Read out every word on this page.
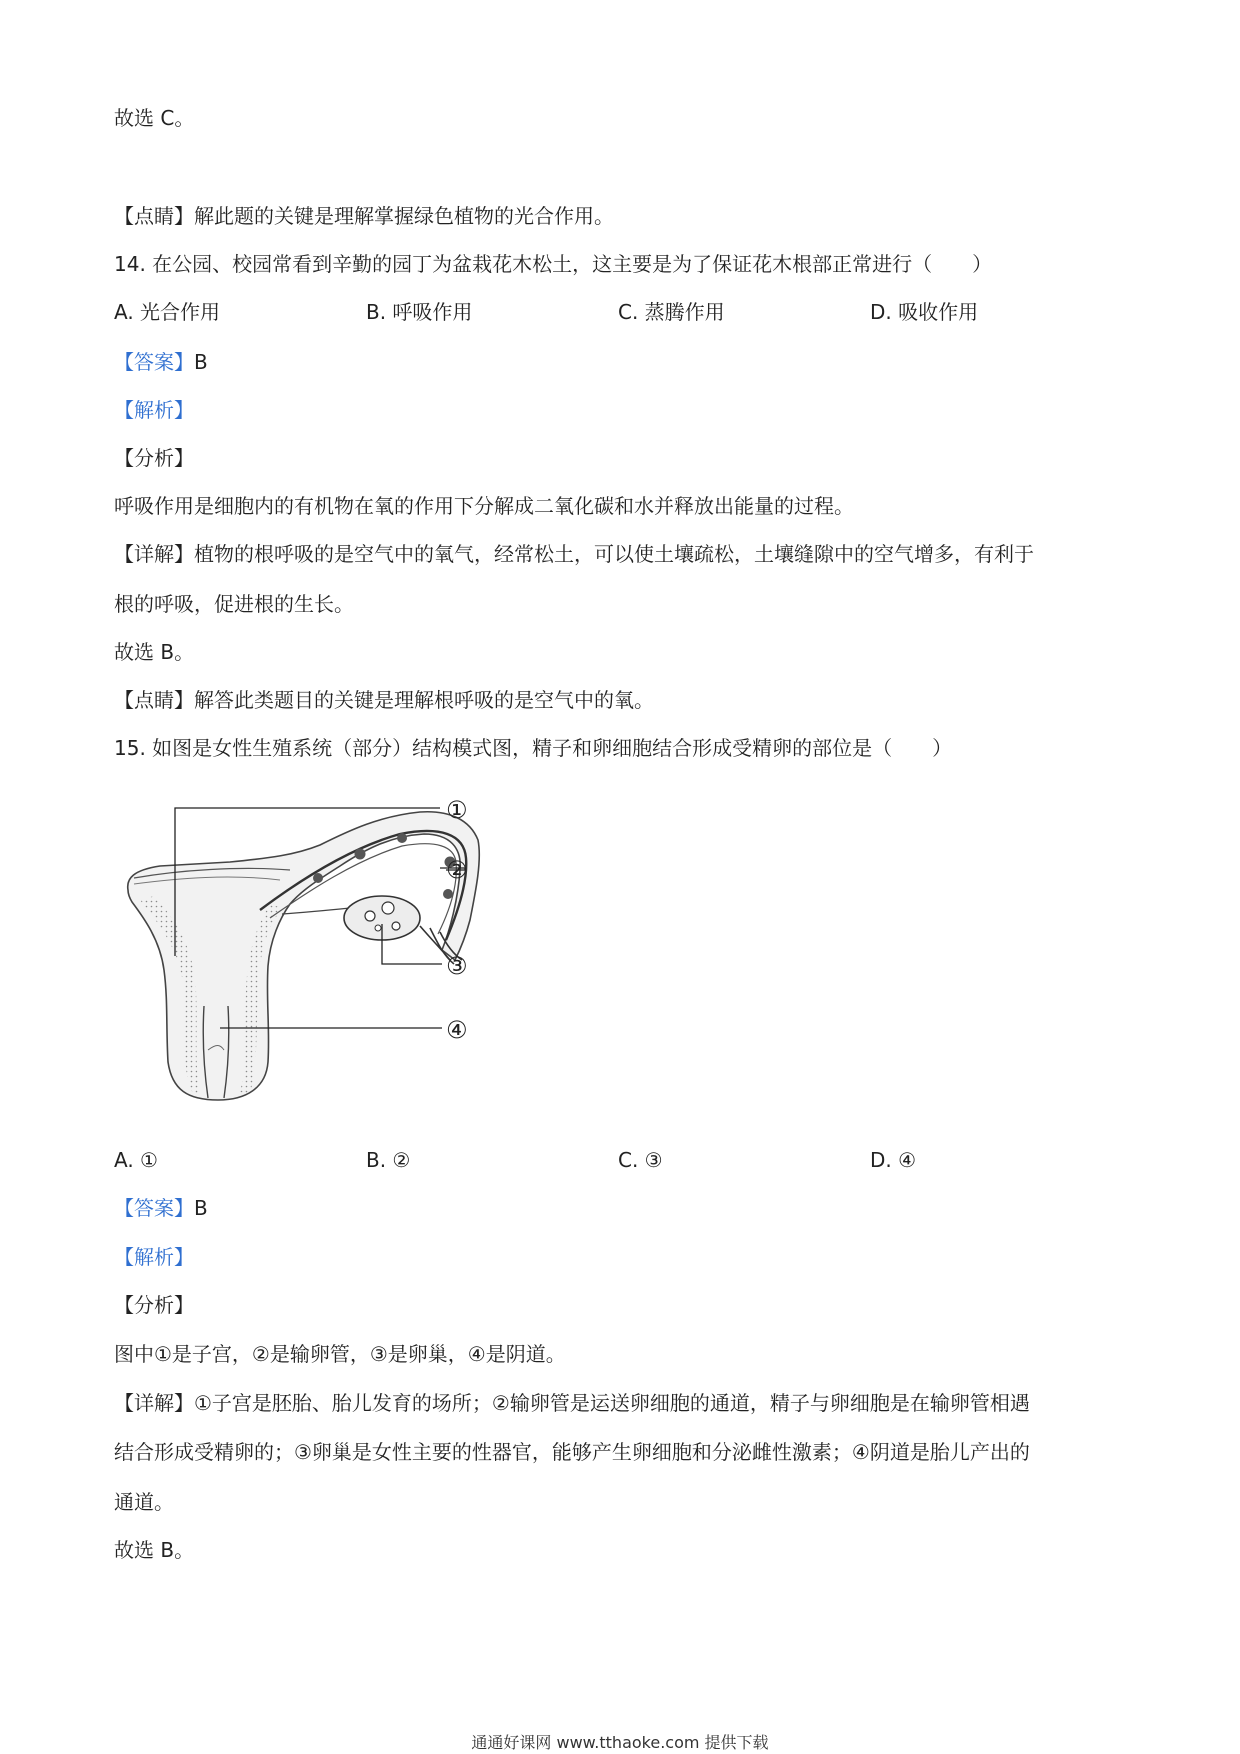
故选 C。
【点睛】解此题的关键是理解掌握绿色植物的光合作用。
14. 在公园、校园常看到辛勤的园丁为盆栽花木松土，这主要是为了保证花木根部正常进行（　　）
A. 光合作用	B. 呼吸作用	C. 蒸腾作用	D. 吸收作用
【答案】B
【解析】
【分析】
呼吸作用是细胞内的有机物在氧的作用下分解成二氧化碳和水并释放出能量的过程。
【详解】植物的根呼吸的是空气中的氧气，经常松土，可以使土壤疏松，土壤缝隙中的空气增多，有利于
根的呼吸，促进根的生长。
故选 B。
【点睛】解答此类题目的关键是理解根呼吸的是空气中的氧。
15. 如图是女性生殖系统（部分）结构模式图，精子和卵细胞结合形成受精卵的部位是（　　）
①
②
③
④
A. ①	B. ②	C. ③	D. ④
【答案】B
【解析】
【分析】
图中①是子宫，②是输卵管，③是卵巢，④是阴道。
【详解】①子宫是胚胎、胎儿发育的场所；②输卵管是运送卵细胞的通道，精子与卵细胞是在输卵管相遇
结合形成受精卵的；③卵巢是女性主要的性器官，能够产生卵细胞和分泌雌性激素；④阴道是胎儿产出的
通道。
故选 B。
通通好课网 www.tthaoke.com 提供下载
